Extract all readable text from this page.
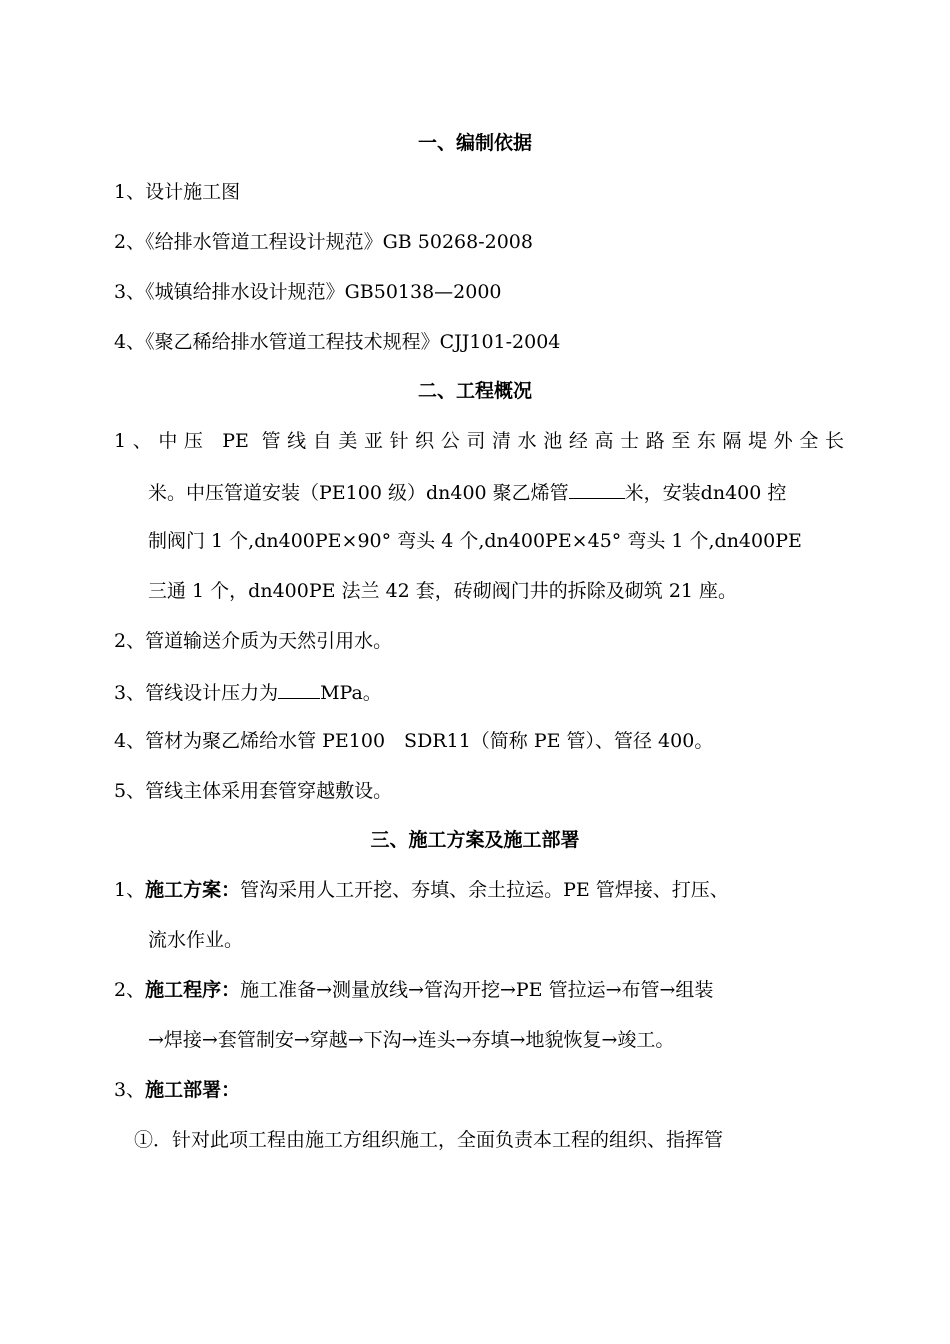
一、编制依据
1、设计施工图
2、《给排水管道工程设计规范》GB 50268-2008
3、《城镇给排水设计规范》GB50138—2000
4、《聚乙稀给排水管道工程技术规程》CJJ101-2004
二、工程概况
1、中压 PE 管线自美亚针织公司清水池经高士路至东隔堤外全长
米。中压管道安装（PE100 级）dn400 聚乙烯管	米，安装dn400 控
制阀门 1 个,dn400PE×90° 弯头 4 个,dn400PE×45° 弯头 1 个,dn400PE
三通 1 个，dn400PE 法兰 42 套，砖砌阀门井的拆除及砌筑 21 座。
2、管道输送介质为天然引用水。
3、管线设计压力为 MPa。
4、管材为聚乙烯给水管 PE100　SDR11（简称 PE 管）、管径 400。
5、管线主体采用套管穿越敷设。
三、施工方案及施工部署
1、施工方案：管沟采用人工开挖、夯填、余土拉运。PE 管焊接、打压、
流水作业。
2、施工程序：施工准备→测量放线→管沟开挖→PE 管拉运→布管→组装
→焊接→套管制安→穿越→下沟→连头→夯填→地貌恢复→竣工。
3、施工部署：
①．针对此项工程由施工方组织施工，全面负责本工程的组织、指挥管
